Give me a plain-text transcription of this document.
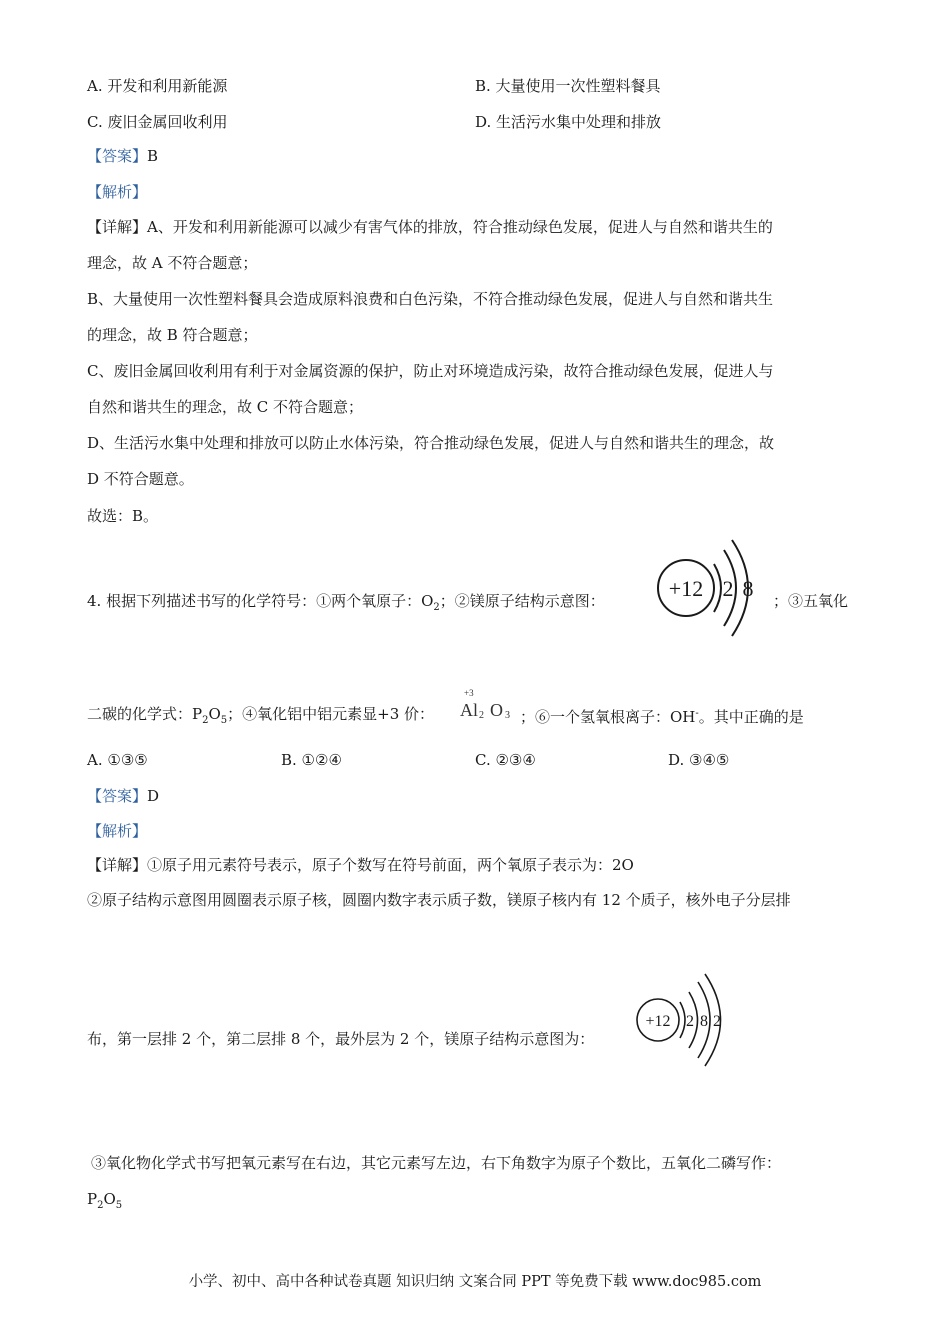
A. 开发和利用新能源	B. 大量使用一次性塑料餐具
C. 废旧金属回收利用	D. 生活污水集中处理和排放
【答案】B
【解析】
【详解】A、开发和利用新能源可以减少有害气体的排放，符合推动绿色发展，促进人与自然和谐共生的
理念，故 A 不符合题意；
B、大量使用一次性塑料餐具会造成原料浪费和白色污染，不符合推动绿色发展，促进人与自然和谐共生
的理念，故 B 符合题意；
C、废旧金属回收利用有利于对金属资源的保护，防止对环境造成污染，故符合推动绿色发展，促进人与
自然和谐共生的理念，故 C 不符合题意；
D、生活污水集中处理和排放可以防止水体污染，符合推动绿色发展，促进人与自然和谐共生的理念，故
D 不符合题意。
故选：B。
4. 根据下列描述书写的化学符号：①两个氧原子：$O_2$；②镁原子结构示意图：	；③五氧化
+12 2 8
二碳的化学式：$P_2O_5$；④氧化铝中铝元素显+3 价：
+3
Al 2 O 3 ；⑥一个氢氧根离子：OH-。其中正确的是
A. ①③⑤	B. ①②④	C. ②③④	D. ③④⑤
【答案】D
【解析】
【详解】①原子用元素符号表示，原子个数写在符号前面，两个氧原子表示为：2O
②原子结构示意图用圆圈表示原子核，圆圈内数字表示质子数，镁原子核内有 12 个质子，核外电子分层排
布，第一层排 2 个，第二层排 8 个，最外层为 2 个，镁原子结构示意图为：
+12 2 8 2
③氧化物化学式书写把氧元素写在右边，其它元素写左边，右下角数字为原子个数比，五氧化二磷写作：
$P_2O_5$
小学、初中、高中各种试卷真题 知识归纳 文案合同 PPT 等免费下载 www.doc985.com
